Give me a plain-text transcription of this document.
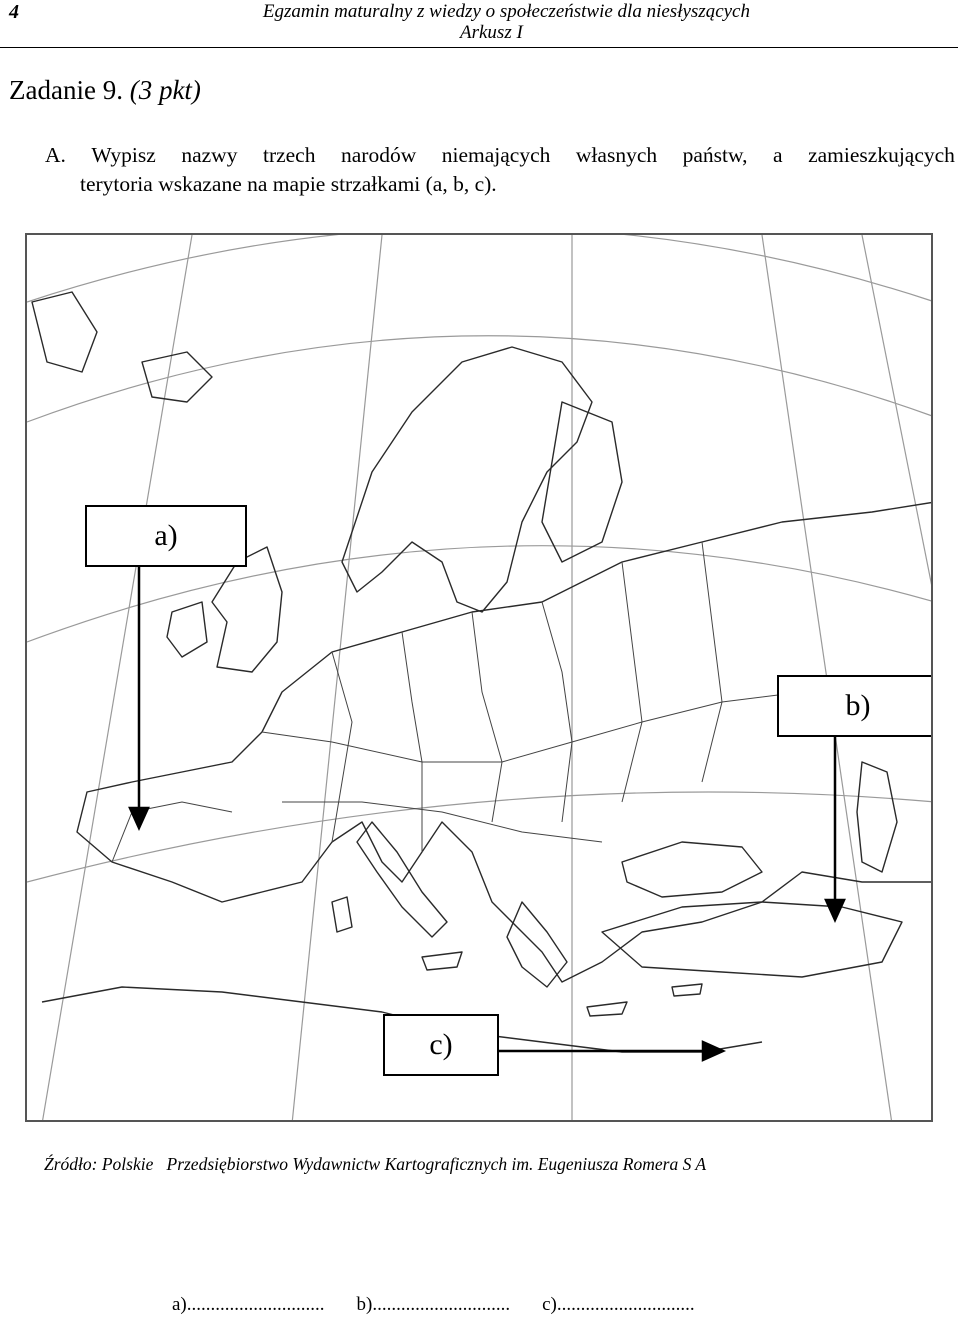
4	Egzamin maturalny z wiedzy o społeczeństwie dla niesłyszących
Arkusz I
Zadanie 9. (3 pkt)
A. Wypisz nazwy trzech narodów niemających własnych państw, a zamieszkujących
terytoria wskazane na mapie strzałkami (a, b, c).
a)
b)
c)
Źródło: Polskie Przedsiębiorstwo Wydawnictw Kartograficznych im. Eugeniusza Romera S A
a)............................. b)............................. c).............................
